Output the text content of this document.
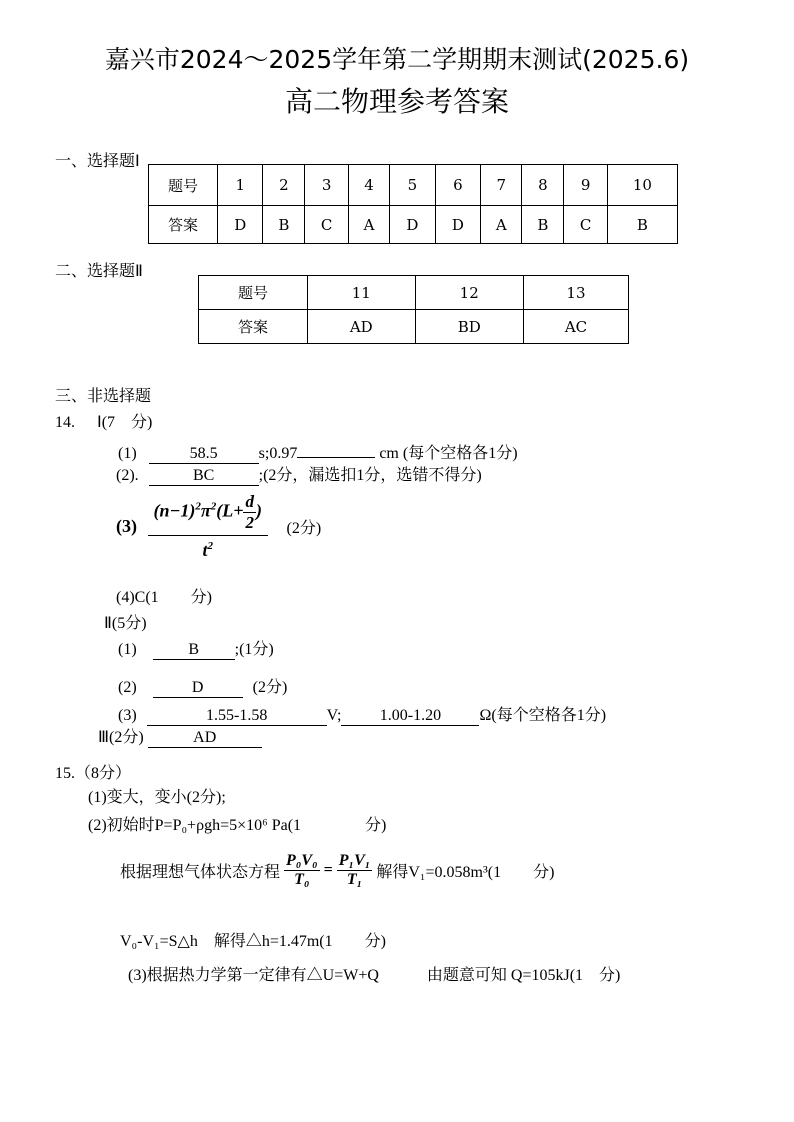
嘉兴市2024～2025学年第二学期期末测试(2025.6)
高二物理参考答案
一、选择题Ⅰ
题号	1	2	3	4	5	6	7	8	9	10
答案	D	B	C	A	D	D	A	B	C	B
二、选择题Ⅱ
题号	11	12	13
答案	AD	BD	AC
三、非选择题
14. Ⅰ(7　分)
(1)	58.5	s;0.97	cm (每个空格各1分)
(2).	BC	;(2分，漏选扣1分，选错不得分)
$(3) \frac{(n-1)^2\pi^2(L+ \frac{d}{2} )}{t^2} (2$分)
(4)C(1　　分)
Ⅱ(5分)
(1)	B ;(1分)
(2)	D	(2分)
(3)	1.55-1.58	V; 1.00-1.20 Ω(每个空格各1分)
Ⅲ(2分)	AD
15.（8分）
(1)变大，变小(2分);
(2)初始时P=P₀+ρgh=5×10⁶ Pa(1　　　　分)
根据理想气体状态方程 $\frac{\text{P₀V₀}}{\text{T₀}} = \frac{\text{P₁V₁}}{\text{T₁}}$ 解得V₁=0.058m³(1　　分)
V₀-V₁=S△h　解得△h=1.47m(1　　分)
(3)根据热力学第一定律有△U=W+Q　　　由题意可知 Q=105kJ(1　分)
